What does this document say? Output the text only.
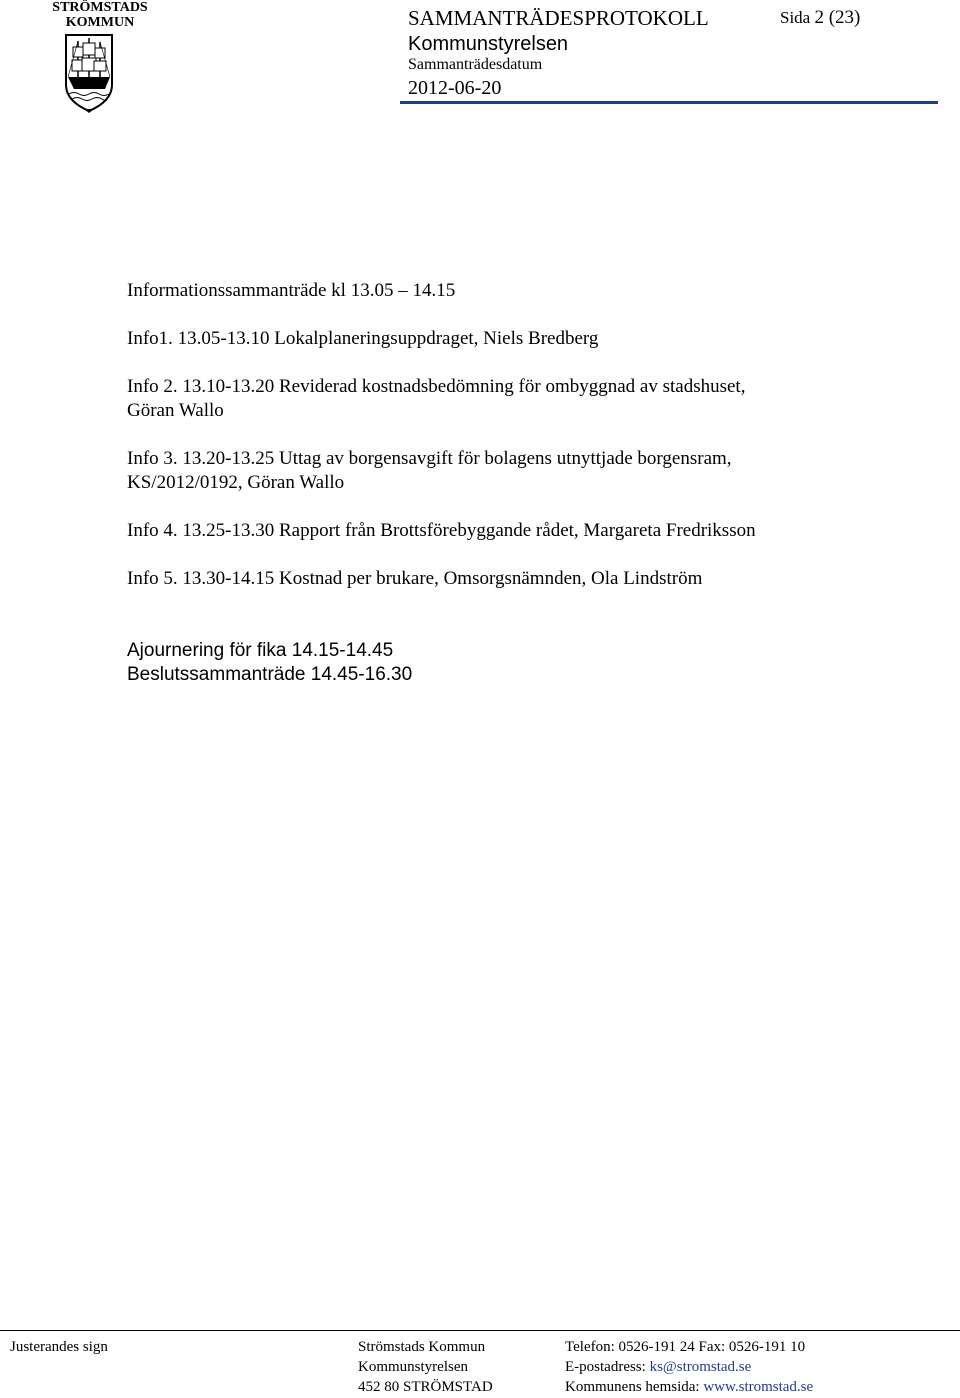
STRÖMSTADS
KOMMUN	SAMMANTRÄDESPROTOKOLL	Sida 2 (23)
Kommunstyrelsen
Sammanträdesdatum
2012-06-20

Informationssammanträde kl 13.05 – 14.15

Info1. 13.05-13.10 Lokalplaneringsuppdraget, Niels Bredberg

Info 2. 13.10-13.20 Reviderad kostnadsbedömning för ombyggnad av stadshuset, Göran Wallo

Info 3. 13.20-13.25 Uttag av borgensavgift för bolagens utnyttjade borgensram, KS/2012/0192, Göran Wallo

Info 4. 13.25-13.30 Rapport från Brottsförebyggande rådet, Margareta Fredriksson

Info 5. 13.30-14.15 Kostnad per brukare, Omsorgsnämnden, Ola Lindström

Ajournering för fika 14.15-14.45
Beslutssammanträde 14.45-16.30
Justerandes sign	Strömstads Kommun
Kommunstyrelsen
452 80 STRÖMSTAD
Telefon: 0526-191 24 Fax: 0526-191 10
E-postadress: ks@stromstad.se
Kommunens hemsida: www.stromstad.se
